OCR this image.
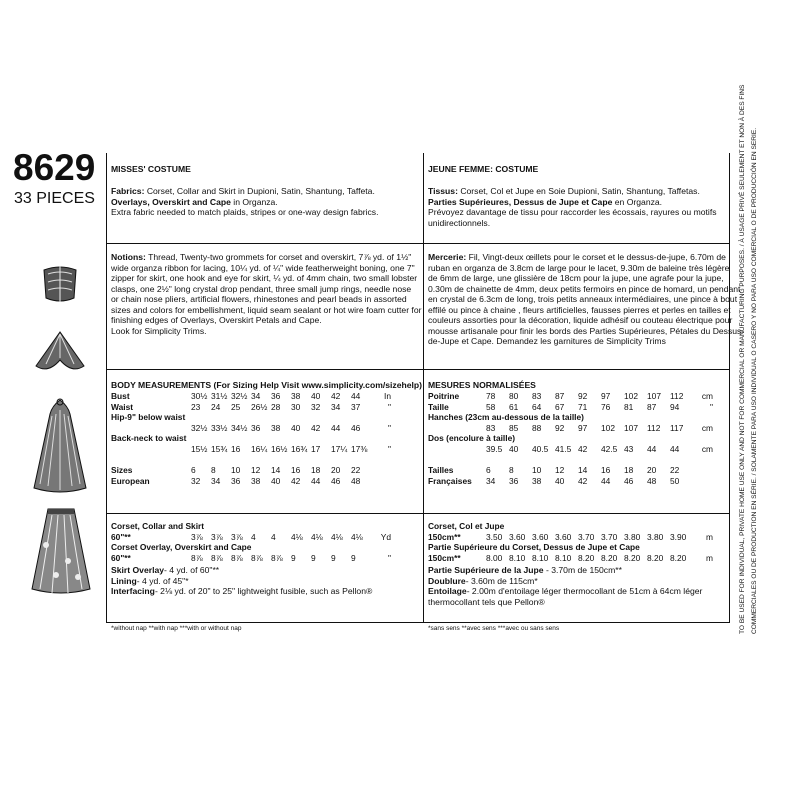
8629
33 PIECES
MISSES' COSTUME
Fabrics: Corset, Collar and Skirt in Dupioni, Satin, Shantung, Taffeta.
Overlays, Overskirt and Cape in Organza.
Extra fabric needed to match plaids, stripes or one-way design fabrics.
Notions: Thread, Twenty-two grommets for corset and overskirt, 7⅞ yd. of 1½"
wide organza ribbon for lacing, 10¼ yd. of ¼" wide featherweight boning, one 7"
zipper for skirt, one hook and eye for skirt, ¼ yd. of 4mm chain, two small lobster
clasps, one 2½" long crystal drop pendant, three small jump rings, needle nose
or chain nose pliers, artificial flowers, rhinestones and pearl beads in assorted
sizes and colors for embellishment, liquid seam sealant or hot wire foam cutter for
finishing edges of Overlays, Overskirt Petals and Cape.
Look for Simplicity Trims.
BODY MEASUREMENTS (For Sizing Help Visit www.simplicity.com/sizehelp)
Bust	30½	31½	32½	34	36	38	40	42	44	In
Waist	23	24	25	26½	28	30	32	34	37	"
Hip-9" below waist										
	32½	33½	34½	36	38	40	42	44	46	"
Back-neck to waist										
	15½	15¾	16	16¼	16½	16¾	17	17¼	17⅜	"

Sizes	6	8	10	12	14	16	18	20	22	
European	32	34	36	38	40	42	44	46	48	
Corset, Collar and Skirt										
60"**	3⅞	3⅞	3⅞	4	4	4⅛	4⅛	4⅛	4⅛	Yd
Corset Overlay, Overskirt and Cape										
60"**	8⅞	8⅞	8⅞	8⅞	8⅞	9	9	9	9	"
Skirt Overlay- 4 yd. of 60"**
Lining- 4 yd. of 45"*
Interfacing- 2⅛ yd. of 20" to 25" lightweight fusible, such as Pellon®
*without nap **with nap ***with or without nap
JEUNE FEMME: COSTUME
Tissus: Corset, Col et Jupe en Soie Dupioni, Satin, Shantung, Taffetas.
Parties Supérieures, Dessus de Jupe et Cape en Organza.
Prévoyez davantage de tissu pour raccorder les écossais, rayures ou motifs
unidirectionnels.
Mercerie: Fil, Vingt-deux œillets pour le corset et le dessus-de-jupe, 6.70m de
ruban en organza de 3.8cm de large pour le lacet, 9.30m de baleine très légère
de 6mm de large, une glissière de 18cm pour la jupe, une agrafe pour la jupe,
0.30m de chainette de 4mm, deux petits fermoirs en pince de homard, un pendant
en crystal de 6.3cm de long, trois petits anneaux intermédiaires, une pince à bout
effilé ou pince à chaine , fleurs artificielles, fausses pierres et perles en tailles et
couleurs assorties pour la décoration, liquide adhésif ou couteau électrique pour
mousse artisanale pour finir les bords des Parties Supérieures, Pétales du Dessus-
de-Jupe et Cape. Demandez les garnitures de Simplicity Trims
MESURES NORMALISÉES
Poitrine	78	80	83	87	92	97	102	107	112	cm
Taille	58	61	64	67	71	76	81	87	94	"
Hanches (23cm au-dessous de la taille)										
	83	85	88	92	97	102	107	112	117	cm
Dos (encolure à taille)										
	39.5	40	40.5	41.5	42	42.5	43	44	44	cm

Tailles	6	8	10	12	14	16	18	20	22	
Françaises	34	36	38	40	42	44	46	48	50	
Corset, Col et Jupe										
150cm**	3.50	3.60	3.60	3.60	3.70	3.70	3.80	3.80	3.90	m
Partie Supérieure du Corset, Dessus de Jupe et Cape										
150cm**	8.00	8.10	8.10	8.10	8.20	8.20	8.20	8.20	8.20	m
Partie Supérieure de la Jupe - 3.70m de 150cm**
Doublure- 3.60m de 115cm*
Entoilage- 2.00m d'entoilage léger thermocollant de 51cm à 64cm léger
thermocollant tels que Pellon®
*sans sens **avec sens ***avec ou sans sens	TO BE USED FOR INDIVIDUAL, PRIVATE HOME USE ONLY AND NOT FOR COMMERCIAL OR MANUFACTURING PURPOSES. / À USAGE PRIVÉ SEULEMENT ET NON À DES FINS COMMERCIALES OU DE PRODUCTION EN SÉRIE. / SOLAMENTE PARA USO INDIVIDUAL O CASERO Y NO PARA USO COMERCIAL O DE PRODUCCIÓN EN SERIE.
